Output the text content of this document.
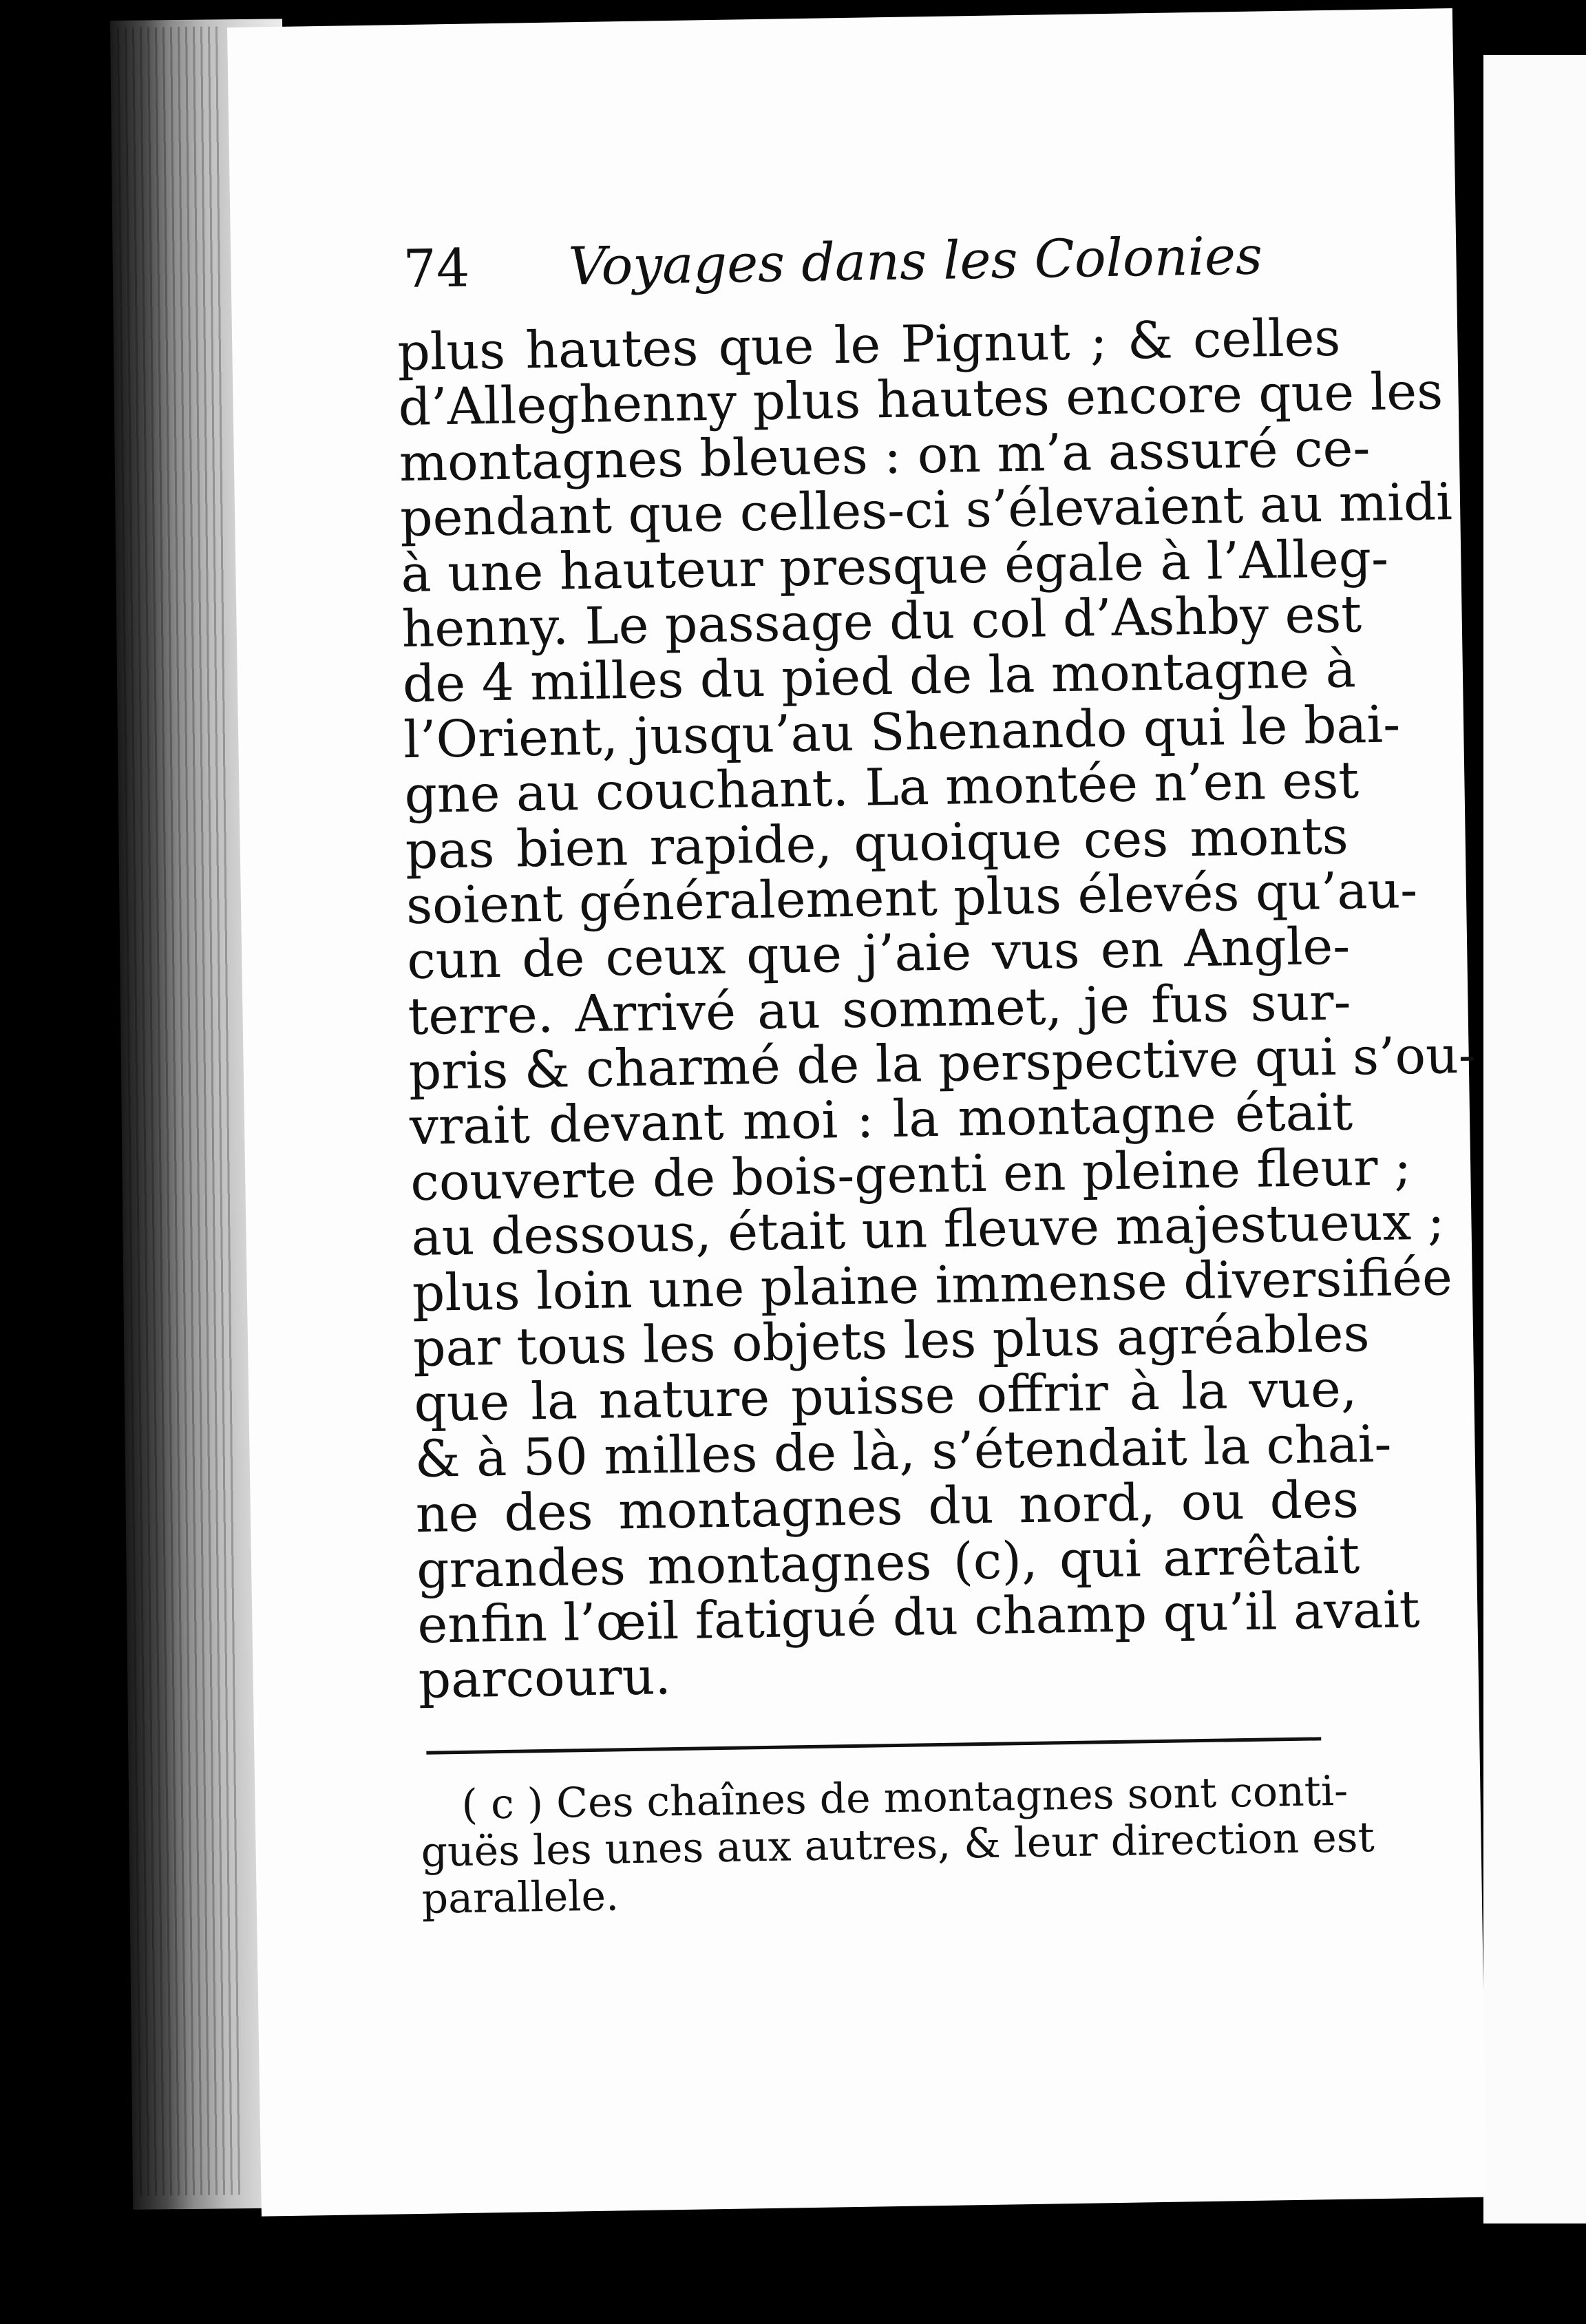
74 Voyages dans les Colonies
plus hautes que le Pignut ; & celles
d’Alleghenny plus hautes encore que les
montagnes bleues : on m’a assuré ce-
pendant que celles-ci s’élevaient au midi
à une hauteur presque égale à l’Alleg-
henny. Le passage du col d’Ashby est
de 4 milles du pied de la montagne à
l’Orient, jusqu’au Shenando qui le bai-
gne au couchant. La montée n’en est
pas bien rapide, quoique ces monts
soient généralement plus élevés qu’au-
cun de ceux que j’aie vus en Angle-
terre. Arrivé au sommet, je fus sur-
pris & charmé de la perspective qui s’ou-
vrait devant moi : la montagne était
couverte de bois-genti en pleine fleur ;
au dessous, était un fleuve majestueux ;
plus loin une plaine immense diversifiée
par tous les objets les plus agréables
que la nature puisse offrir à la vue,
& à 50 milles de là, s’étendait la chai-
ne des montagnes du nord, ou des
grandes montagnes (c), qui arrêtait
enfin l’œil fatigué du champ qu’il avait
parcouru.
( c ) Ces chaînes de montagnes sont conti-
guës les unes aux autres, & leur direction est
parallele.
